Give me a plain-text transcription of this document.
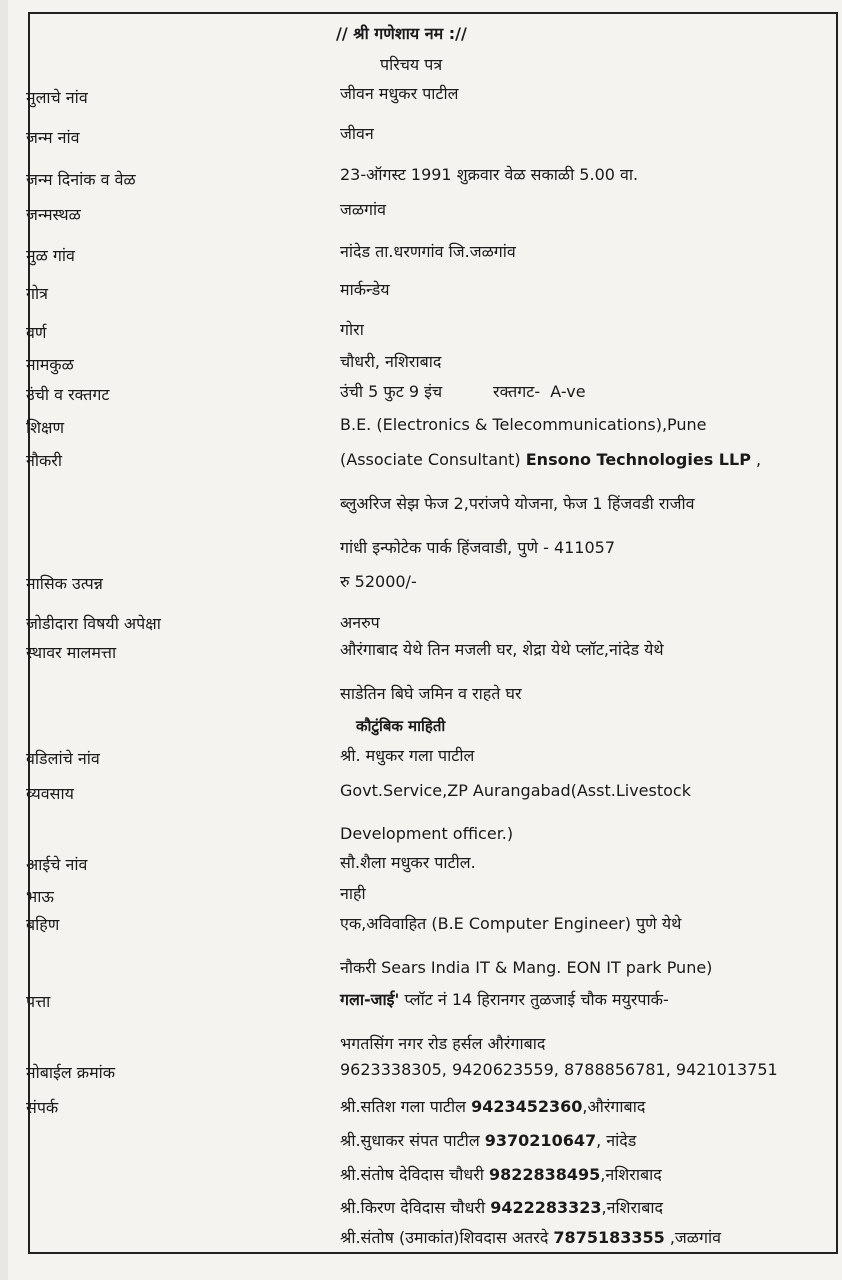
// श्री गणेशाय नम ://
परिचय पत्र
मुलाचे नांव	जीवन मधुकर पाटील
जन्म नांव	जीवन
जन्म दिनांक व वेळ	23-ऑगस्ट 1991 शुक्रवार वेळ सकाळी 5.00 वा.
जन्मस्थळ	जळगांव
मुळ गांव	नांदेड ता.धरणगांव जि.जळगांव
गोत्र	मार्कन्डेय
वर्ण	गोरा
मामकुळ	चौधरी, नशिराबाद
उंची व रक्तगट	उंची 5 फुट 9 इंच          रक्तगट-  A-ve
शिक्षण	B.E. (Electronics & Telecommunications),Pune
नौकरी	(Associate Consultant) Ensono Technologies LLP ,
ब्लुअरिज सेझ फेज 2,परांजपे योजना, फेज 1 हिंजवडी राजीव
गांधी इन्फोटेक पार्क हिंजवाडी, पुणे - 411057
मासिक उत्पन्न	रु 52000/-
जोडीदारा विषयी अपेक्षा	अनरुप
स्थावर मालमत्ता	औरंगाबाद येथे तिन मजली घर, शेद्रा येथे प्लॉट,नांदेड येथे
साडेतिन बिघे जमिन व राहते घर
कौटुंबिक माहिती
वडिलांचे नांव	श्री. मधुकर गला पाटील
व्यवसाय	Govt.Service,ZP Aurangabad(Asst.Livestock
Development officer.)
आईचे नांव	सौ.शैला मधुकर पाटील.
भाऊ	नाही
बहिण	एक,अविवाहित (B.E Computer Engineer) पुणे येथे
नौकरी Sears India IT & Mang. EON IT park Pune)
पत्ता	गला-जाई' प्लॉट नं 14 हिरानगर तुळजाई चौक मयुरपार्क-
भगतसिंग नगर रोड हर्सल औरंगाबाद
मोबाईल क्रमांक	9623338305, 9420623559, 8788856781, 9421013751
संपर्क	श्री.सतिश गला पाटील 9423452360,औरंगाबाद
श्री.सुधाकर संपत पाटील 9370210647, नांदेड
श्री.संतोष देविदास चौधरी 9822838495,नशिराबाद
श्री.किरण देविदास चौधरी 9422283323,नशिराबाद
श्री.संतोष (उमाकांत)शिवदास अतरदे 7875183355 ,जळगांव
